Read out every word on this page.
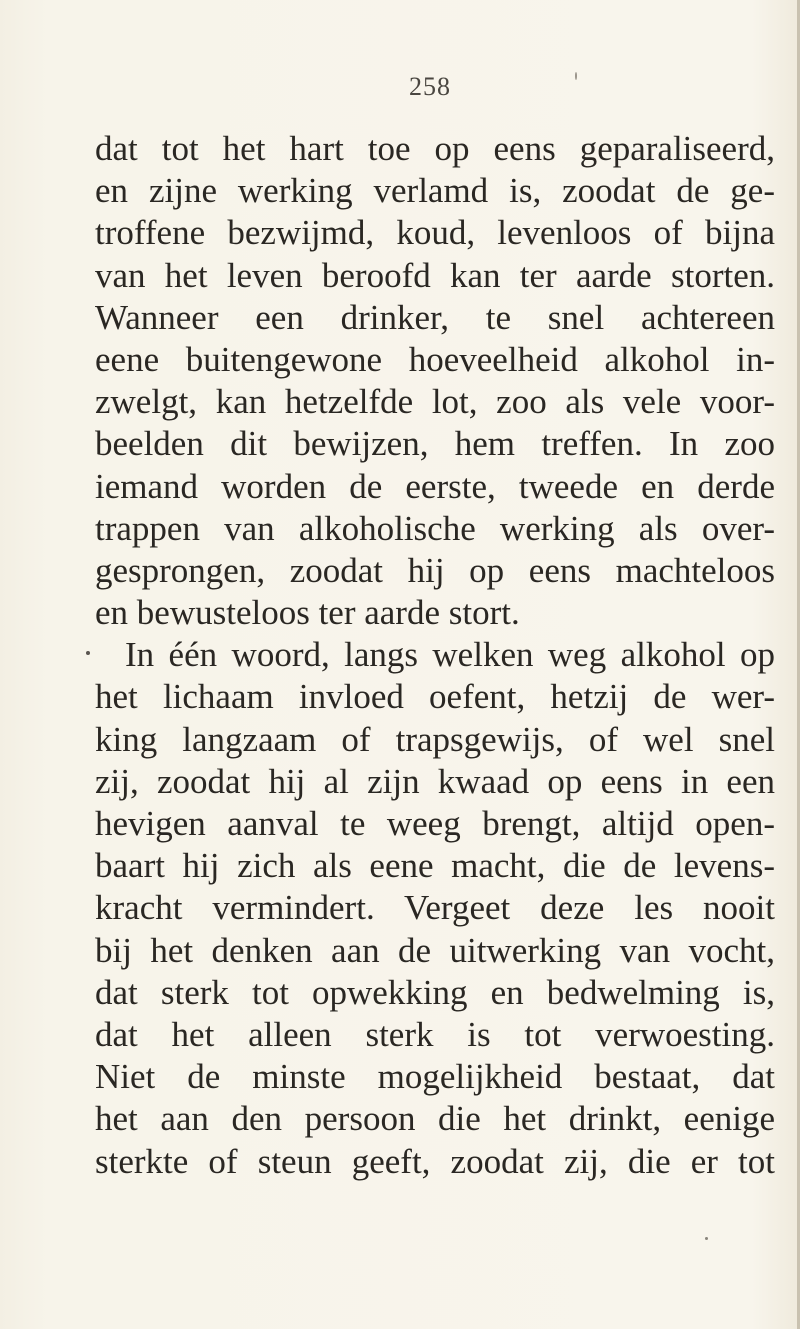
258
dat tot het hart toe op eens geparaliseerd,
en zijne werking verlamd is, zoodat de ge-
troffene bezwijmd, koud, levenloos of bijna
van het leven beroofd kan ter aarde storten.
Wanneer een drinker, te snel achtereen
eene buitengewone hoeveelheid alkohol in-
zwelgt, kan hetzelfde lot, zoo als vele voor-
beelden dit bewijzen, hem treffen. In zoo
iemand worden de eerste, tweede en derde
trappen van alkoholische werking als over-
gesprongen, zoodat hij op eens machteloos
en bewusteloos ter aarde stort.
In één woord, langs welken weg alkohol op
het lichaam invloed oefent, hetzij de wer-
king langzaam of trapsgewijs, of wel snel
zij, zoodat hij al zijn kwaad op eens in een
hevigen aanval te weeg brengt, altijd open-
baart hij zich als eene macht, die de levens-
kracht vermindert. Vergeet deze les nooit
bij het denken aan de uitwerking van vocht,
dat sterk tot opwekking en bedwelming is,
dat het alleen sterk is tot verwoesting.
Niet de minste mogelijkheid bestaat, dat
het aan den persoon die het drinkt, eenige
sterkte of steun geeft, zoodat zij, die er tot
